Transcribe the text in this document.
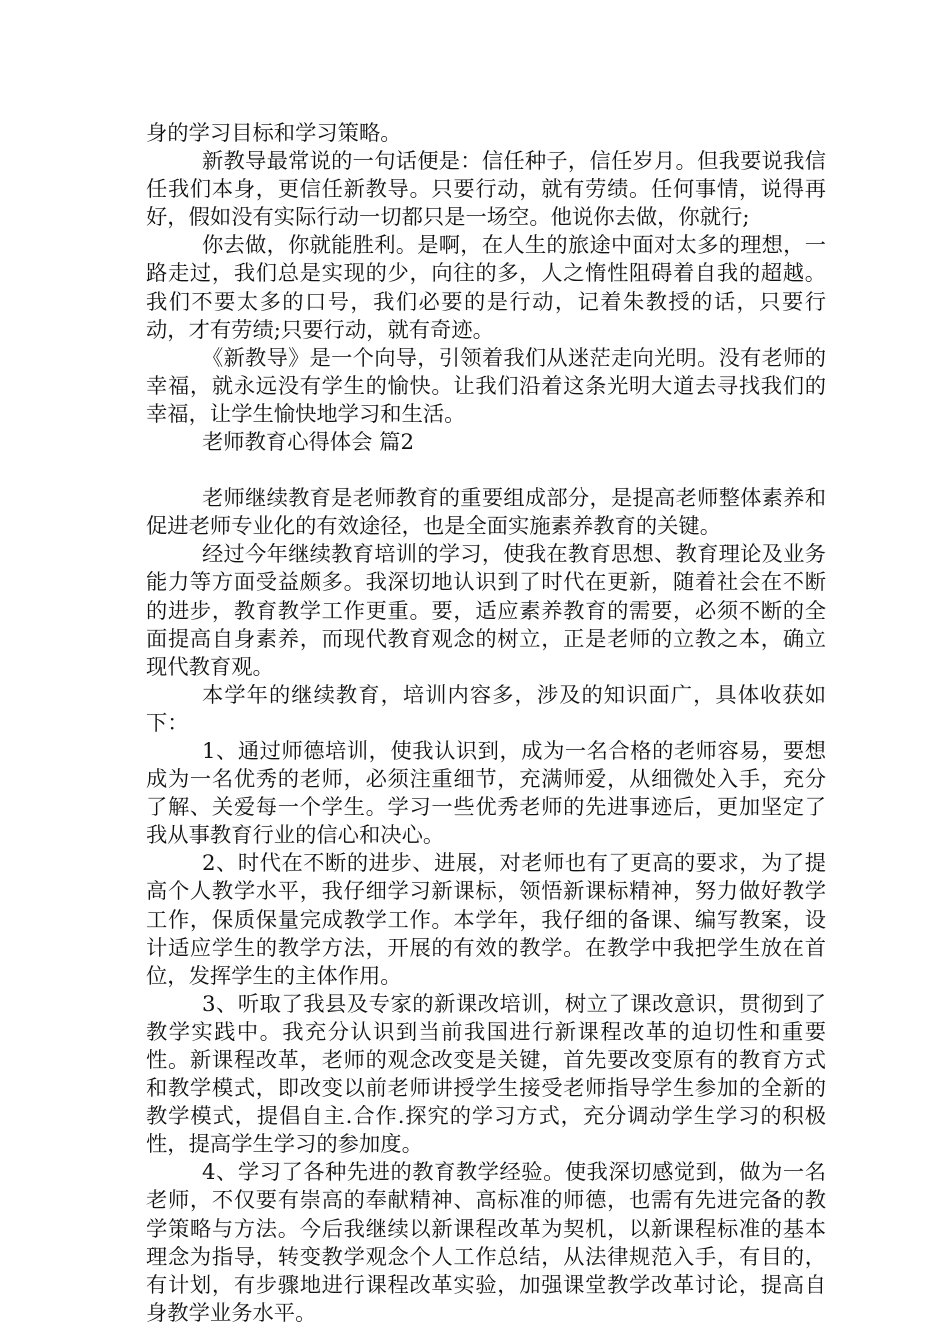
身的学习目标和学习策略。

新教导最常说的一句话便是：信任种子，信任岁月。但我要说我信任我们本身，更信任新教导。只要行动，就有劳绩。任何事情，说得再好，假如没有实际行动一切都只是一场空。他说你去做，你就行;

你去做，你就能胜利。是啊，在人生的旅途中面对太多的理想，一路走过，我们总是实现的少，向往的多，人之惰性阻碍着自我的超越。我们不要太多的口号，我们必要的是行动，记着朱教授的话，只要行动，才有劳绩;只要行动，就有奇迹。

《新教导》是一个向导，引领着我们从迷茫走向光明。没有老师的幸福，就永远没有学生的愉快。让我们沿着这条光明大道去寻找我们的幸福，让学生愉快地学习和生活。

老师教育心得体会 篇2

老师继续教育是老师教育的重要组成部分，是提高老师整体素养和促进老师专业化的有效途径，也是全面实施素养教育的关键。

经过今年继续教育培训的学习，使我在教育思想、教育理论及业务能力等方面受益颇多。我深切地认识到了时代在更新，随着社会在不断的进步，教育教学工作更重。要，适应素养教育的需要，必须不断的全面提高自身素养，而现代教育观念的树立，正是老师的立教之本，确立现代教育观。

本学年的继续教育，培训内容多，涉及的知识面广，具体收获如下：

1、通过师德培训，使我认识到，成为一名合格的老师容易，要想成为一名优秀的老师，必须注重细节，充满师爱，从细微处入手，充分了解、关爱每一个学生。学习一些优秀老师的先进事迹后，更加坚定了我从事教育行业的信心和决心。

2、时代在不断的进步、进展，对老师也有了更高的要求，为了提高个人教学水平，我仔细学习新课标，领悟新课标精神，努力做好教学工作，保质保量完成教学工作。本学年，我仔细的备课、编写教案，设计适应学生的教学方法，开展的有效的教学。在教学中我把学生放在首位，发挥学生的主体作用。

3、听取了我县及专家的新课改培训，树立了课改意识，贯彻到了教学实践中。我充分认识到当前我国进行新课程改革的迫切性和重要性。新课程改革，老师的观念改变是关键，首先要改变原有的教育方式和教学模式，即改变以前老师讲授学生接受老师指导学生参加的全新的教学模式，提倡自主.合作.探究的学习方式，充分调动学生学习的积极性，提高学生学习的参加度。

4、学习了各种先进的教育教学经验。使我深切感觉到，做为一名老师，不仅要有崇高的奉献精神、高标准的师德，也需有先进完备的教学策略与方法。今后我继续以新课程改革为契机，以新课程标准的基本理念为指导，转变教学观念个人工作总结，从法律规范入手，有目的，有计划，有步骤地进行课程改革实验，加强课堂教学改革讨论，提高自身教学业务水平。
